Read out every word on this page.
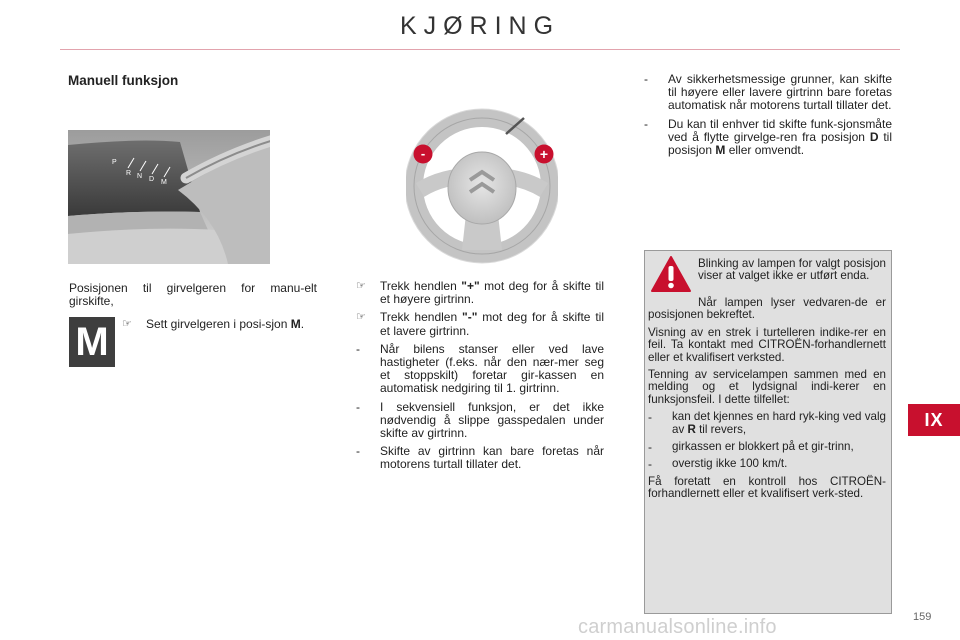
KJØRING
Manuell funksjon
P
R N D M
-	+
Posisjonen til girvelgeren for manu-elt girskifte,
M	☞	Sett girvelgeren i posi-sjon M.
☞	Trekk hendlen "+" mot deg for å skifte til et høyere girtrinn.
☞	Trekk hendlen "-" mot deg for å skifte til et lavere girtrinn.
-	Når bilens stanser eller ved lave hastigheter (f.eks. når den nær-mer seg et stoppskilt) foretar gir-kassen en automatisk nedgiring til 1. girtrinn.
-	I sekvensiell funksjon, er det ikke nødvendig å slippe gasspedalen under skifte av girtrinn.
-	Skifte av girtrinn kan bare foretas når motorens turtall tillater det.
-	Av sikkerhetsmessige grunner, kan skifte til høyere eller lavere girtrinn bare foretas automatisk når motorens turtall tillater det.
-	Du kan til enhver tid skifte funk-sjonsmåte ved å flytte girvelge-ren fra posisjon D til posisjon M eller omvendt.

Blinking av lampen for valgt posisjon viser at valget ikke er utført enda.

Når lampen lyser vedvaren-de er posisjonen bekreftet.

Visning av en strek i turtelleren indike-rer en feil. Ta kontakt med CITROËN-forhandlernett eller et kvalifisert verksted.

Tenning av servicelampen sammen med en melding og et lydsignal indi-kerer en funksjonsfeil. I dette tilfellet:

-	kan det kjennes en hard ryk-king ved valg av R til revers,
-	girkassen er blokkert på et gir-trinn,
-	overstig ikke 100 km/t.

Få foretatt en kontroll hos CITROËN-forhandlernett eller et kvalifisert verk-sted.

IX
159
carmanualsonline.info
